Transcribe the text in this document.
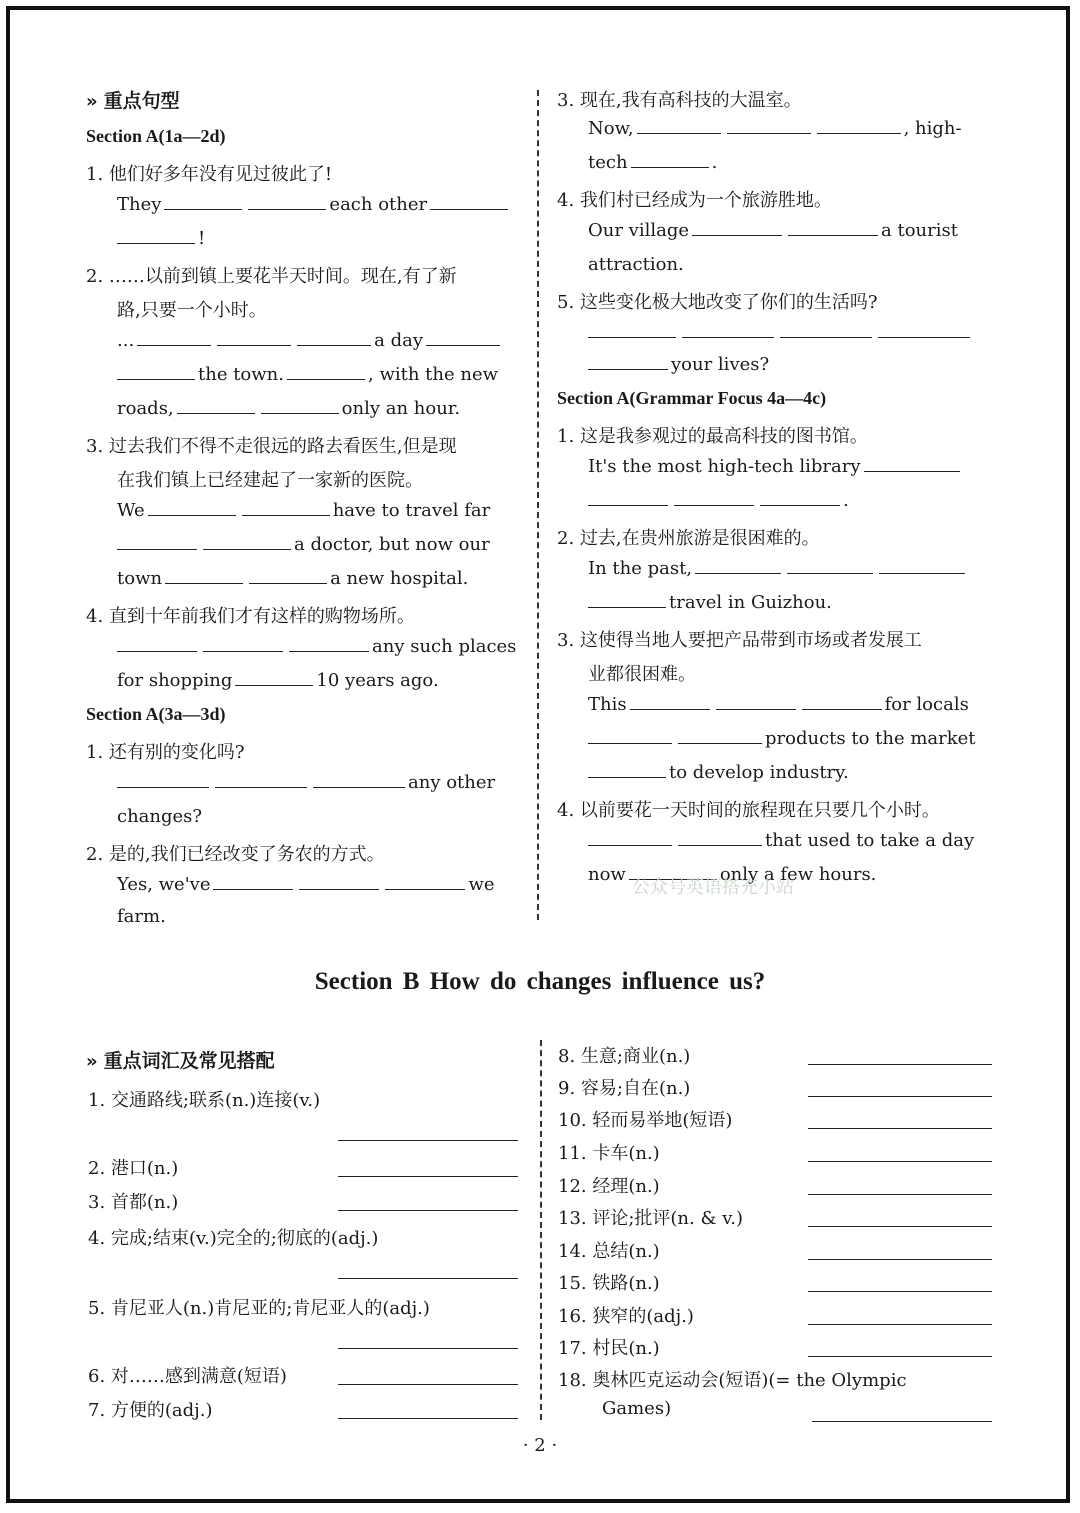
» 重点句型
Section A(1a—2d)
1. 他们好多年没有见过彼此了!
They	each other
!
2. ……以前到镇上要花半天时间。现在,有了新
路,只要一个小时。
...	a day
the town.	, with the new
roads,	only an hour.
3. 过去我们不得不走很远的路去看医生,但是现
在我们镇上已经建起了一家新的医院。
We	have to travel far
a doctor, but now our
town	a new hospital.
4. 直到十年前我们才有这样的购物场所。
any such places
for shopping	10 years ago.
Section A(3a—3d)
1. 还有别的变化吗?
any other
changes?
2. 是的,我们已经改变了务农的方式。
Yes, we've	we
farm.
3. 现在,我有高科技的大温室。
Now,	, high-
tech	.
4. 我们村已经成为一个旅游胜地。
Our village	a tourist
attraction.
5. 这些变化极大地改变了你们的生活吗?
your lives?
Section A(Grammar Focus 4a—4c)
1. 这是我参观过的最高科技的图书馆。
It's the most high-tech library
.
2. 过去,在贵州旅游是很困难的。
In the past,
travel in Guizhou.
3. 这使得当地人要把产品带到市场或者发展工
业都很困难。
This	for locals
products to the market
to develop industry.
4. 以前要花一天时间的旅程现在只要几个小时。
that used to take a day
now	only a few hours.
公众号英语搭充小站
Section B How do changes influence us?
» 重点词汇及常见搭配
1. 交通路线;联系(n.)连接(v.)
2. 港口(n.)
3. 首都(n.)
4. 完成;结束(v.)完全的;彻底的(adj.)
5. 肯尼亚人(n.)肯尼亚的;肯尼亚人的(adj.)
6. 对……感到满意(短语)
7. 方便的(adj.)
8. 生意;商业(n.)
9. 容易;自在(n.)
10. 轻而易举地(短语)
11. 卡车(n.)
12. 经理(n.)
13. 评论;批评(n. & v.)
14. 总结(n.)
15. 铁路(n.)
16. 狭窄的(adj.)
17. 村民(n.)
18. 奥林匹克运动会(短语)(= the Olympic
Games)
· 2 ·
